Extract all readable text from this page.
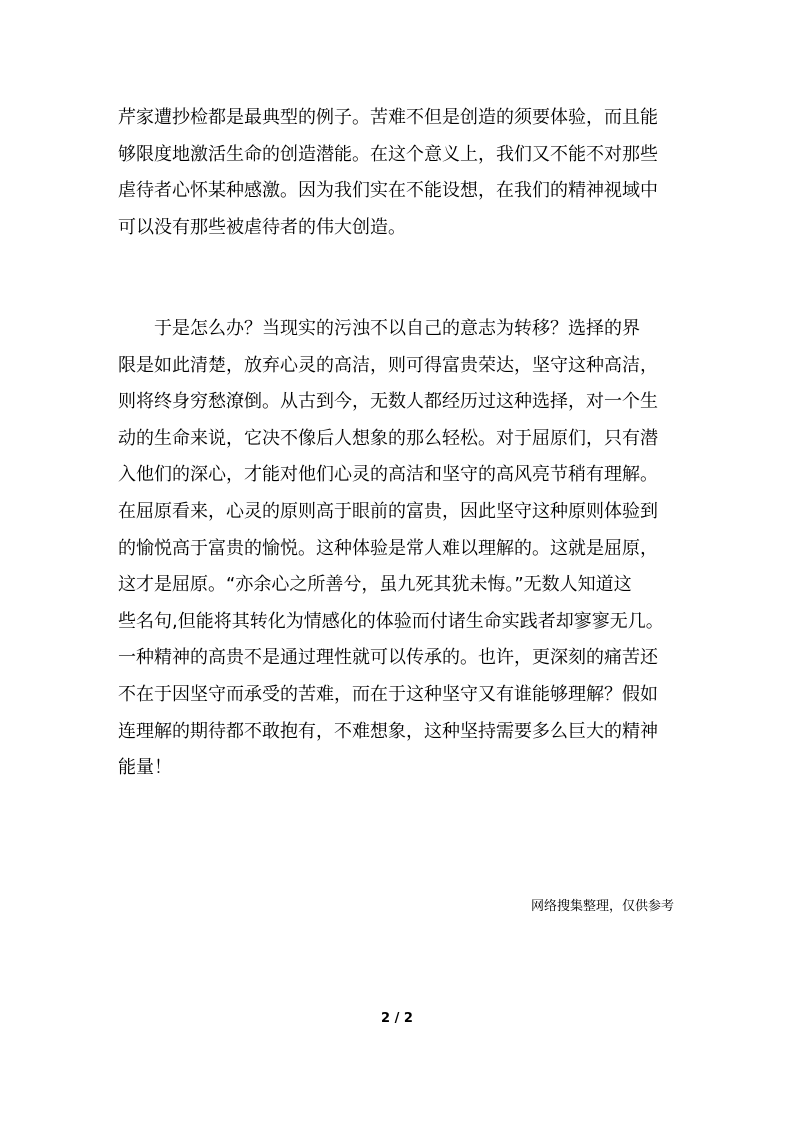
芹家遭抄检都是最典型的例子。苦难不但是创造的须要体验，而且能
够限度地激活生命的创造潜能。在这个意义上，我们又不能不对那些
虐待者心怀某种感激。因为我们实在不能设想，在我们的精神视域中
可以没有那些被虐待者的伟大创造。
　　于是怎么办？当现实的污浊不以自己的意志为转移？选择的界
限是如此清楚，放弃心灵的高洁，则可得富贵荣达，坚守这种高洁，
则将终身穷愁潦倒。从古到今，无数人都经历过这种选择，对一个生
动的生命来说，它决不像后人想象的那么轻松。对于屈原们，只有潜
入他们的深心，才能对他们心灵的高洁和坚守的高风亮节稍有理解。
在屈原看来，心灵的原则高于眼前的富贵，因此坚守这种原则体验到
的愉悦高于富贵的愉悦。这种体验是常人难以理解的。这就是屈原，
这才是屈原。“亦余心之所善兮，虽九死其犹未悔。”无数人知道这
些名句,但能将其转化为情感化的体验而付诸生命实践者却寥寥无几。
一种精神的高贵不是通过理性就可以传承的。也许，更深刻的痛苦还
不在于因坚守而承受的苦难，而在于这种坚守又有谁能够理解？假如
连理解的期待都不敢抱有，不难想象，这种坚持需要多么巨大的精神
能量！
网络搜集整理，仅供参考
2 / 2
